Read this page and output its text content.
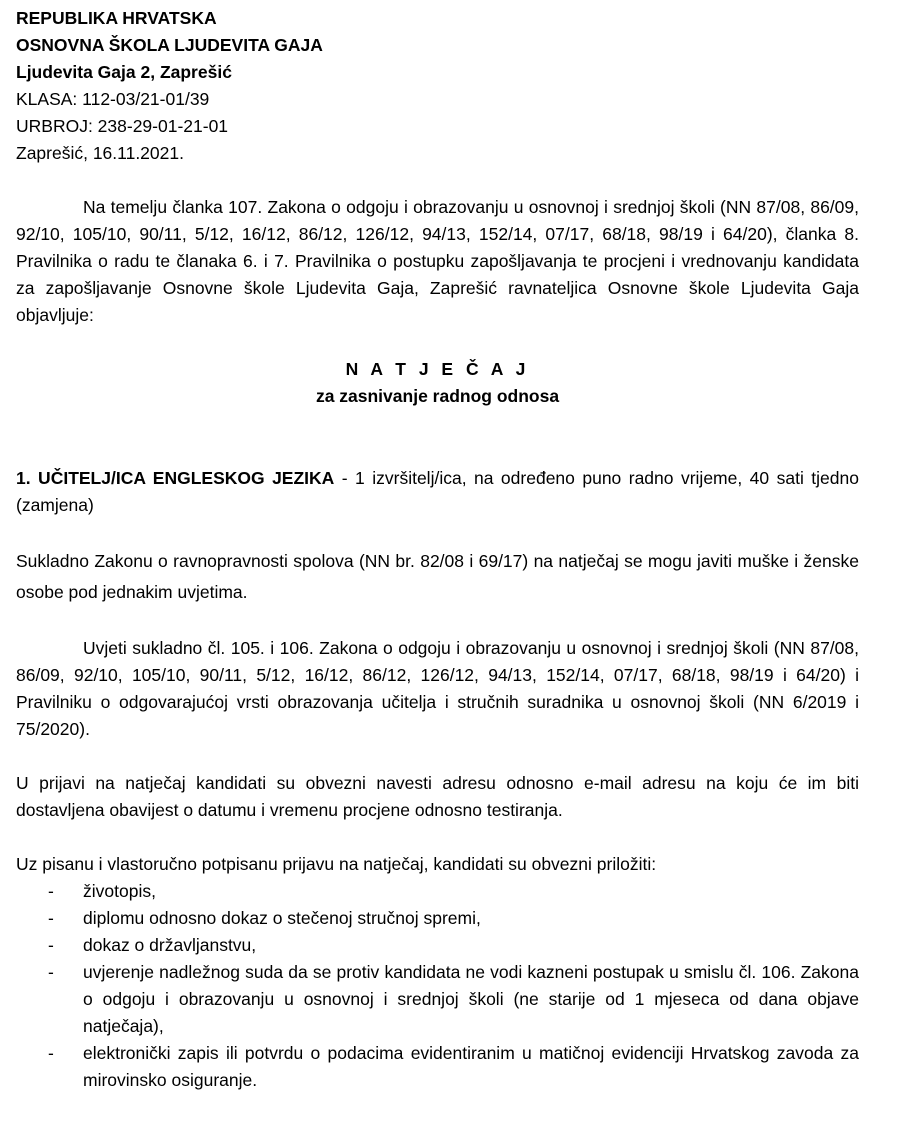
REPUBLIKA HRVATSKA
OSNOVNA ŠKOLA LJUDEVITA GAJA
Ljudevita Gaja 2, Zaprešić
KLASA: 112-03/21-01/39
URBROJ: 238-29-01-21-01
Zaprešić, 16.11.2021.

Na temelju članka 107. Zakona o odgoju i obrazovanju u osnovnoj i srednjoj školi (NN 87/08, 86/09, 92/10, 105/10, 90/11, 5/12, 16/12, 86/12, 126/12, 94/13, 152/14, 07/17, 68/18, 98/19 i 64/20), članka 8. Pravilnika o radu te članaka 6. i 7. Pravilnika o postupku zapošljavanja te procjeni i vrednovanju kandidata za zapošljavanje Osnovne škole Ljudevita Gaja, Zaprešić ravnateljica Osnovne škole Ljudevita Gaja objavljuje:

N A T J E Č A J
za zasnivanje radnog odnosa

1. UČITELJ/ICA ENGLESKOG JEZIKA - 1 izvršitelj/ica, na određeno puno radno vrijeme, 40 sati tjedno (zamjena)

Sukladno Zakonu o ravnopravnosti spolova (NN br. 82/08 i 69/17) na natječaj se mogu javiti muške i ženske osobe pod jednakim uvjetima.

Uvjeti sukladno čl. 105. i 106. Zakona o odgoju i obrazovanju u osnovnoj i srednjoj školi (NN 87/08, 86/09, 92/10, 105/10, 90/11, 5/12, 16/12, 86/12, 126/12, 94/13, 152/14, 07/17, 68/18, 98/19 i 64/20) i Pravilniku o odgovarajućoj vrsti obrazovanja učitelja i stručnih suradnika u osnovnoj školi (NN 6/2019 i 75/2020).

U prijavi na natječaj kandidati su obvezni navesti adresu odnosno e-mail adresu na koju će im biti dostavljena obavijest o datumu i vremenu procjene odnosno testiranja.

Uz pisanu i vlastoručno potpisanu prijavu na natječaj, kandidati su obvezni priložiti:

- životopis,
- diplomu odnosno dokaz o stečenoj stručnoj spremi,
- dokaz o državljanstvu,
- uvjerenje nadležnog suda da se protiv kandidata ne vodi kazneni postupak u smislu čl. 106. Zakona o odgoju i obrazovanju u osnovnoj i srednjoj školi (ne starije od 1 mjeseca od dana objave natječaja),
- elektronički zapis ili potvrdu o podacima evidentiranim u matičnoj evidenciji Hrvatskog zavoda za mirovinsko osiguranje.
